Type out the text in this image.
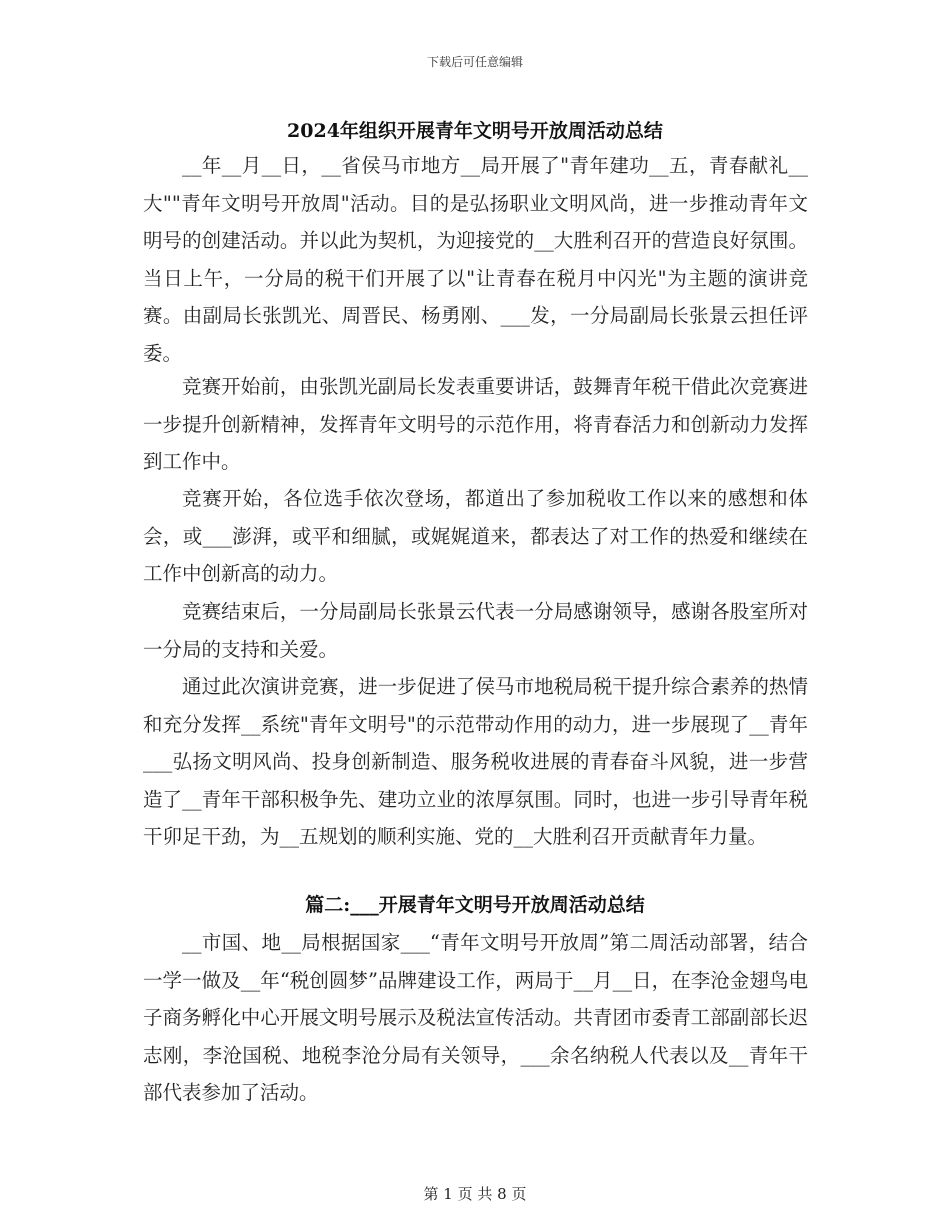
下载后可任意编辑
2024年组织开展青年文明号开放周活动总结

__年__月__日，__省侯马市地方__局开展了"青年建功__五，青春献礼__大""青年文明号开放周"活动。目的是弘扬职业文明风尚，进一步推动青年文明号的创建活动。并以此为契机，为迎接党的__大胜利召开的营造良好氛围。当日上午，一分局的税干们开展了以"让青春在税月中闪光"为主题的演讲竞赛。由副局长张凯光、周晋民、杨勇刚、___发，一分局副局长张景云担任评委。

竞赛开始前，由张凯光副局长发表重要讲话，鼓舞青年税干借此次竞赛进一步提升创新精神，发挥青年文明号的示范作用，将青春活力和创新动力发挥到工作中。

竞赛开始，各位选手依次登场，都道出了参加税收工作以来的感想和体会，或___澎湃，或平和细腻，或娓娓道来，都表达了对工作的热爱和继续在工作中创新高的动力。

竞赛结束后，一分局副局长张景云代表一分局感谢领导，感谢各股室所对一分局的支持和关爱。

通过此次演讲竞赛，进一步促进了侯马市地税局税干提升综合素养的热情和充分发挥__系统"青年文明号"的示范带动作用的动力，进一步展现了__青年___弘扬文明风尚、投身创新制造、服务税收进展的青春奋斗风貌，进一步营造了__青年干部积极争先、建功立业的浓厚氛围。同时，也进一步引导青年税干卯足干劲，为__五规划的顺利实施、党的__大胜利召开贡献青年力量。

篇二:___开展青年文明号开放周活动总结

__市国、地__局根据国家___“青年文明号开放周”第二周活动部署，结合一学一做及__年“税创圆梦”品牌建设工作，两局于__月__日，在李沧金翅鸟电子商务孵化中心开展文明号展示及税法宣传活动。共青团市委青工部副部长迟志刚，李沧国税、地税李沧分局有关领导，___余名纳税人代表以及__青年干部代表参加了活动。

第 1 页 共 8 页
